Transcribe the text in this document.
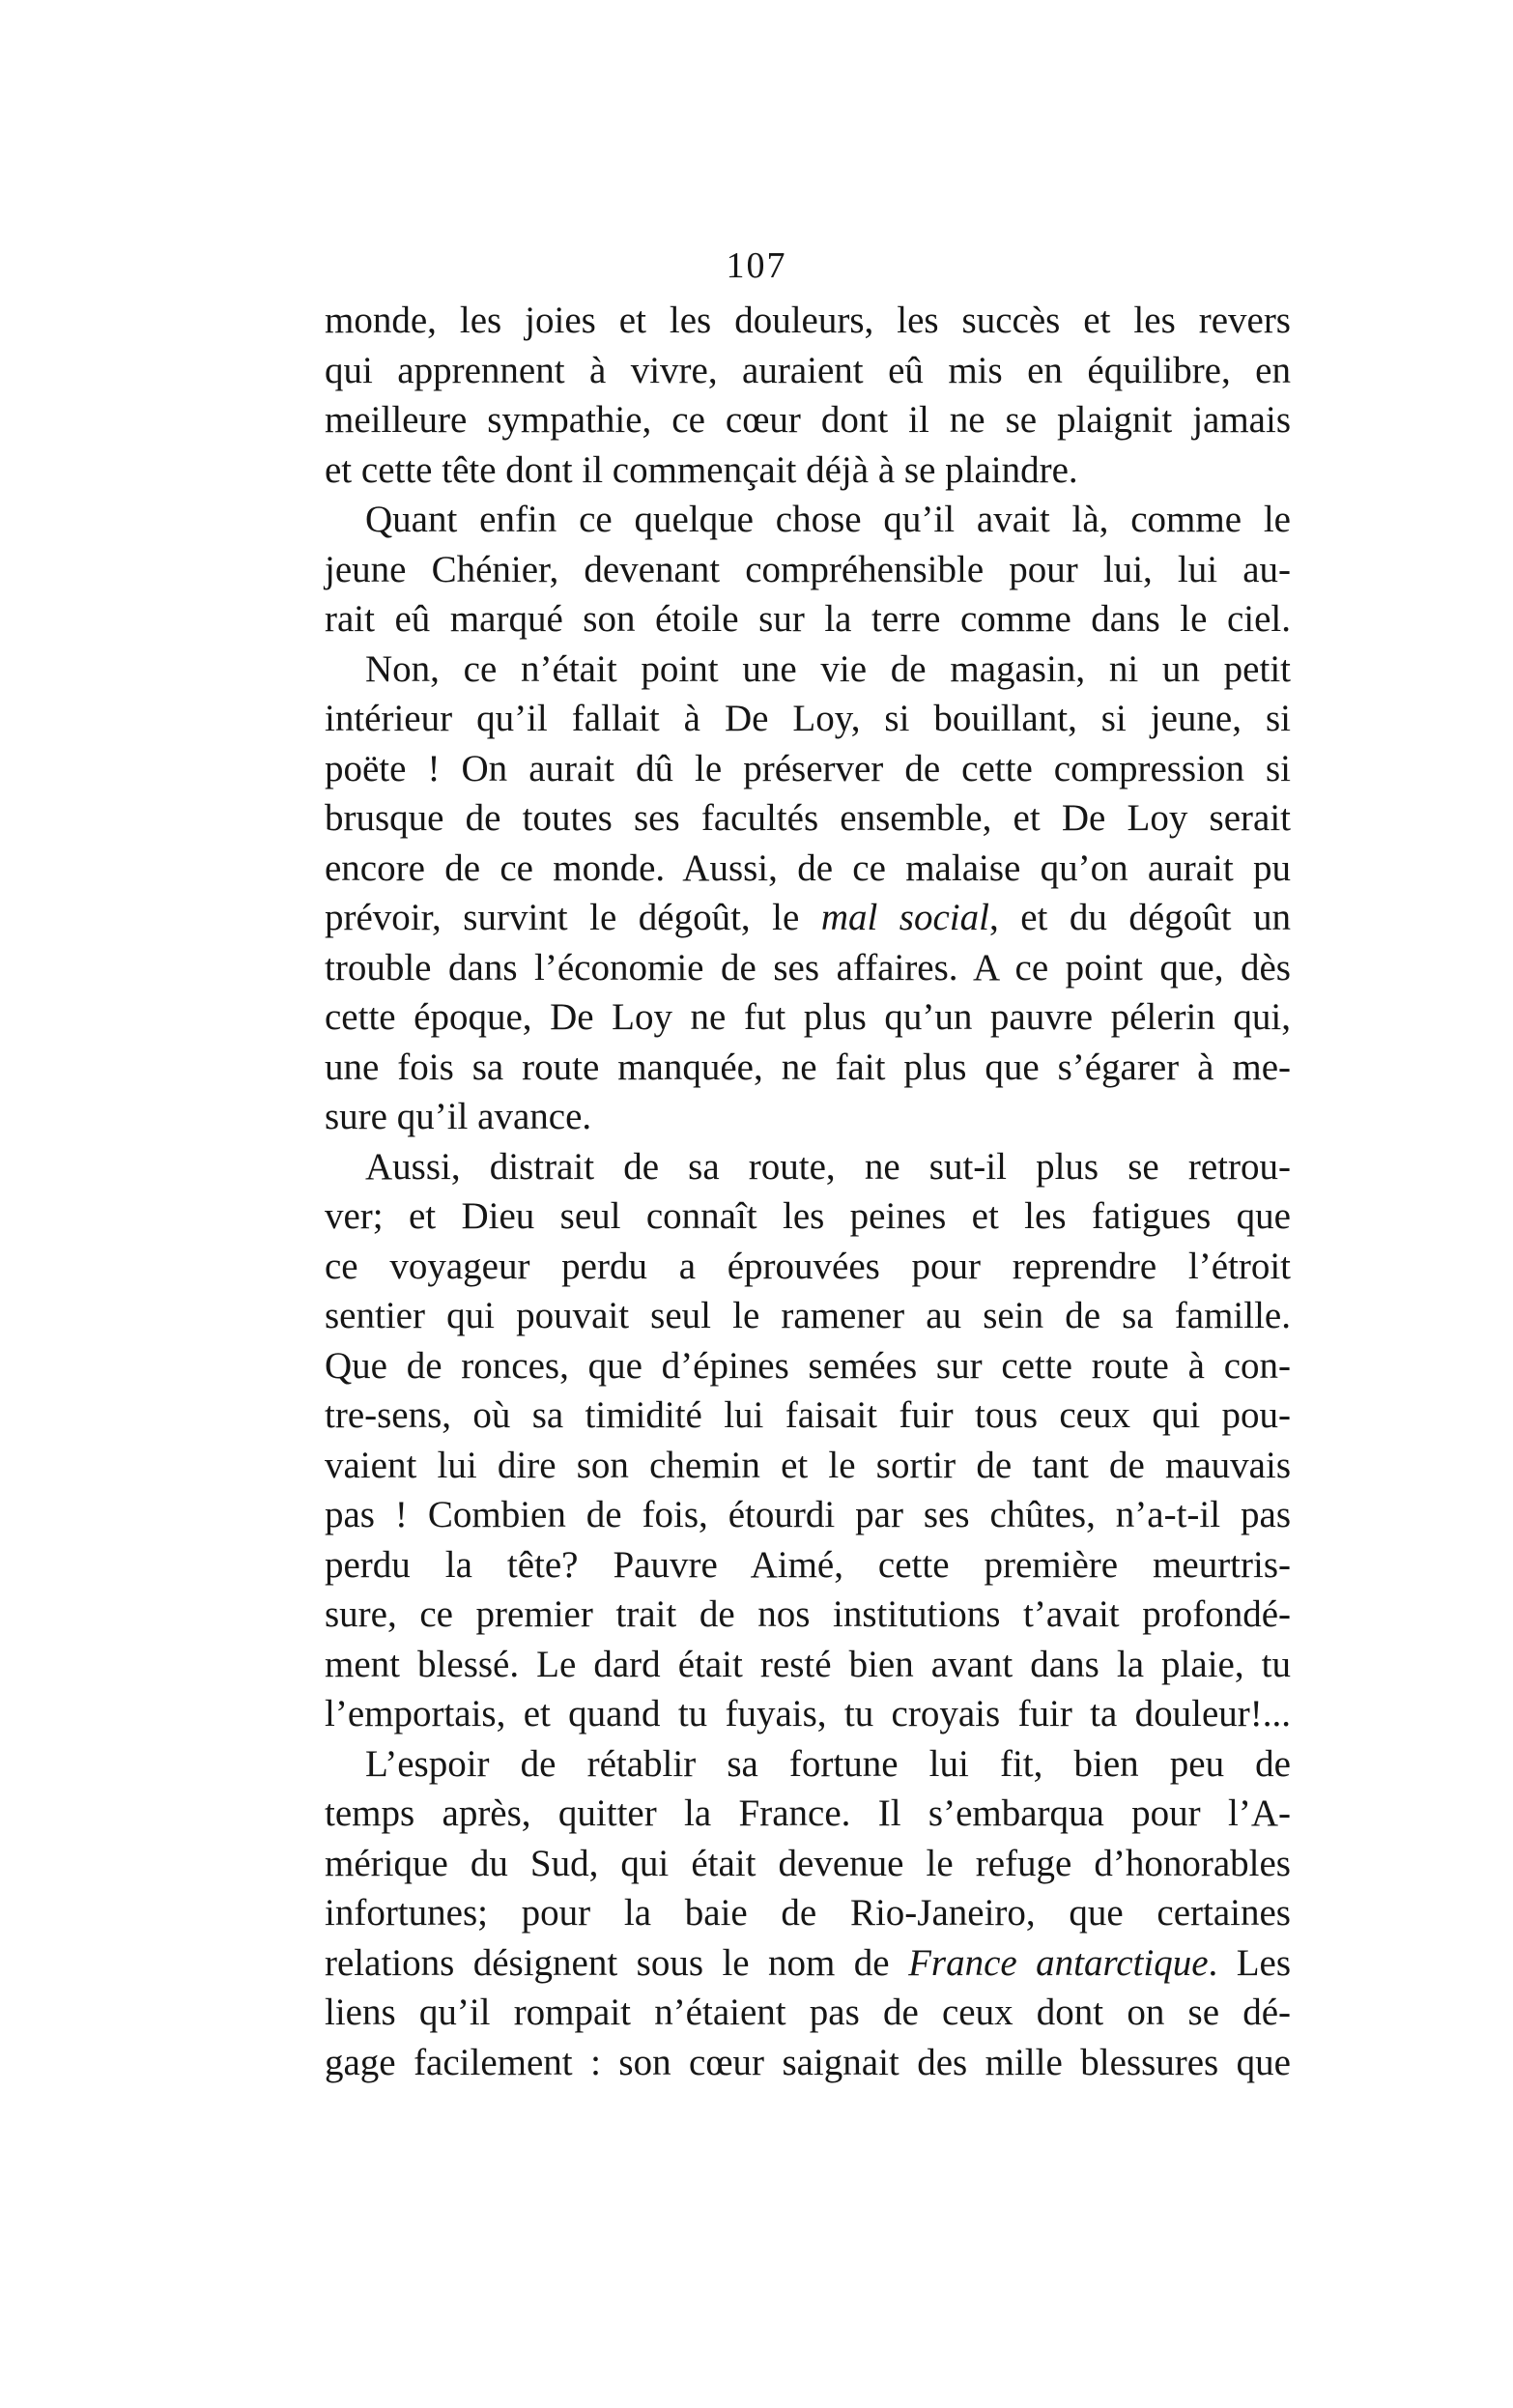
107
monde, les joies et les douleurs, les succès et les revers
qui apprennent à vivre, auraient eû mis en équilibre, en
meilleure sympathie, ce cœur dont il ne se plaignit jamais
et cette tête dont il commençait déjà à se plaindre.
Quant enfin ce quelque chose qu’il avait là, comme le
jeune Chénier, devenant compréhensible pour lui, lui au-
rait eû marqué son étoile sur la terre comme dans le ciel.
Non, ce n’était point une vie de magasin, ni un petit
intérieur qu’il fallait à De Loy, si bouillant, si jeune, si
poëte ! On aurait dû le préserver de cette compression si
brusque de toutes ses facultés ensemble, et De Loy serait
encore de ce monde. Aussi, de ce malaise qu’on aurait pu
prévoir, survint le dégoût, le mal social, et du dégoût un
trouble dans l’économie de ses affaires. A ce point que, dès
cette époque, De Loy ne fut plus qu’un pauvre pélerin qui,
une fois sa route manquée, ne fait plus que s’égarer à me-
sure qu’il avance.
Aussi, distrait de sa route, ne sut-il plus se retrou-
ver; et Dieu seul connaît les peines et les fatigues que
ce voyageur perdu a éprouvées pour reprendre l’étroit
sentier qui pouvait seul le ramener au sein de sa famille.
Que de ronces, que d’épines semées sur cette route à con-
tre-sens, où sa timidité lui faisait fuir tous ceux qui pou-
vaient lui dire son chemin et le sortir de tant de mauvais
pas ! Combien de fois, étourdi par ses chûtes, n’a-t-il pas
perdu la tête? Pauvre Aimé, cette première meurtris-
sure, ce premier trait de nos institutions t’avait profondé-
ment blessé. Le dard était resté bien avant dans la plaie, tu
l’emportais, et quand tu fuyais, tu croyais fuir ta douleur!...
L’espoir de rétablir sa fortune lui fit, bien peu de
temps après, quitter la France. Il s’embarqua pour l’A-
mérique du Sud, qui était devenue le refuge d’honorables
infortunes; pour la baie de Rio-Janeiro, que certaines
relations désignent sous le nom de France antarctique. Les
liens qu’il rompait n’étaient pas de ceux dont on se dé-
gage facilement : son cœur saignait des mille blessures que
